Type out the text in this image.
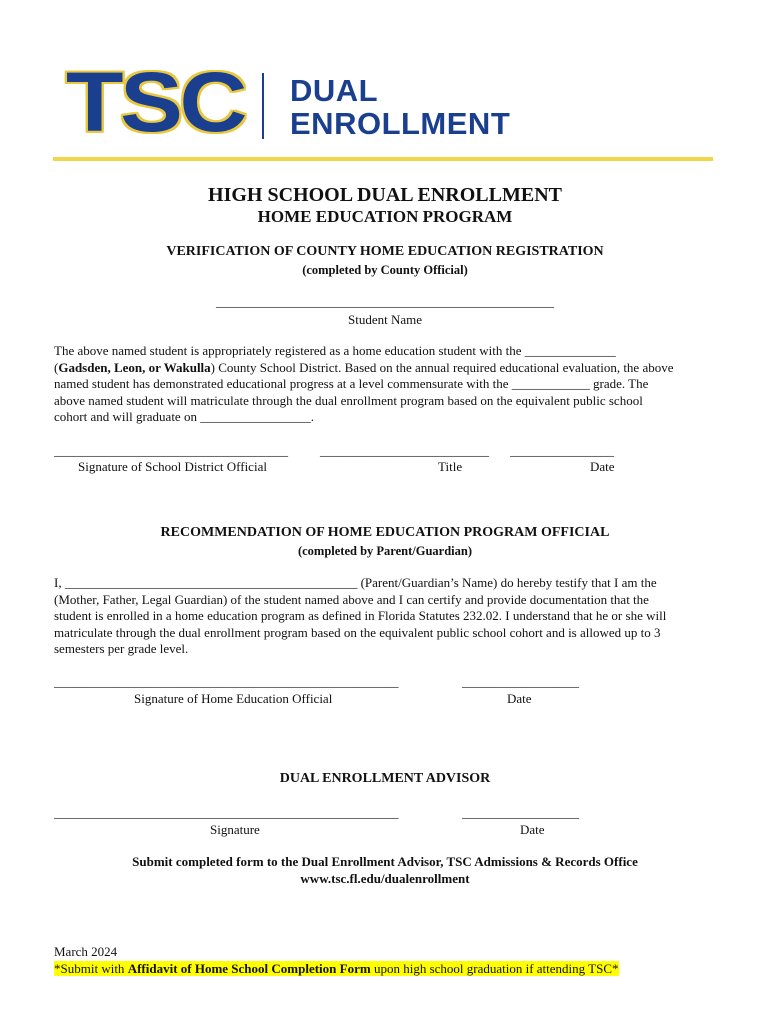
TSC DUAL
ENROLLMENT
HIGH SCHOOL DUAL ENROLLMENT
HOME EDUCATION PROGRAM
VERIFICATION OF COUNTY HOME EDUCATION REGISTRATION
(completed by County Official)
____________________________________________________
Student Name
The above named student is appropriately registered as a home education student with the ______________
(Gadsden, Leon, or Wakulla) County School District. Based on the annual required educational evaluation, the above
named student has demonstrated educational progress at a level commensurate with the ____________ grade. The
above named student will matriculate through the dual enrollment program based on the equivalent public school
cohort and will graduate on _________________.
____________________________________ __________________________ ________________
Signature of School District Official	Title	Date
RECOMMENDATION OF HOME EDUCATION PROGRAM OFFICIAL
(completed by Parent/Guardian)
I, _____________________________________________ (Parent/Guardian’s Name) do hereby testify that I am the
(Mother, Father, Legal Guardian) of the student named above and I can certify and provide documentation that the
student is enrolled in a home education program as defined in Florida Statutes 232.02. I understand that he or she will
matriculate through the dual enrollment program based on the equivalent public school cohort and is allowed up to 3
semesters per grade level.
_____________________________________________________	__________________
Signature of Home Education Official	Date
DUAL ENROLLMENT ADVISOR
_____________________________________________________	__________________
Signature	Date
Submit completed form to the Dual Enrollment Advisor, TSC Admissions & Records Office
www.tsc.fl.edu/dualenrollment
March 2024
*Submit with Affidavit of Home School Completion Form upon high school graduation if attending TSC*
